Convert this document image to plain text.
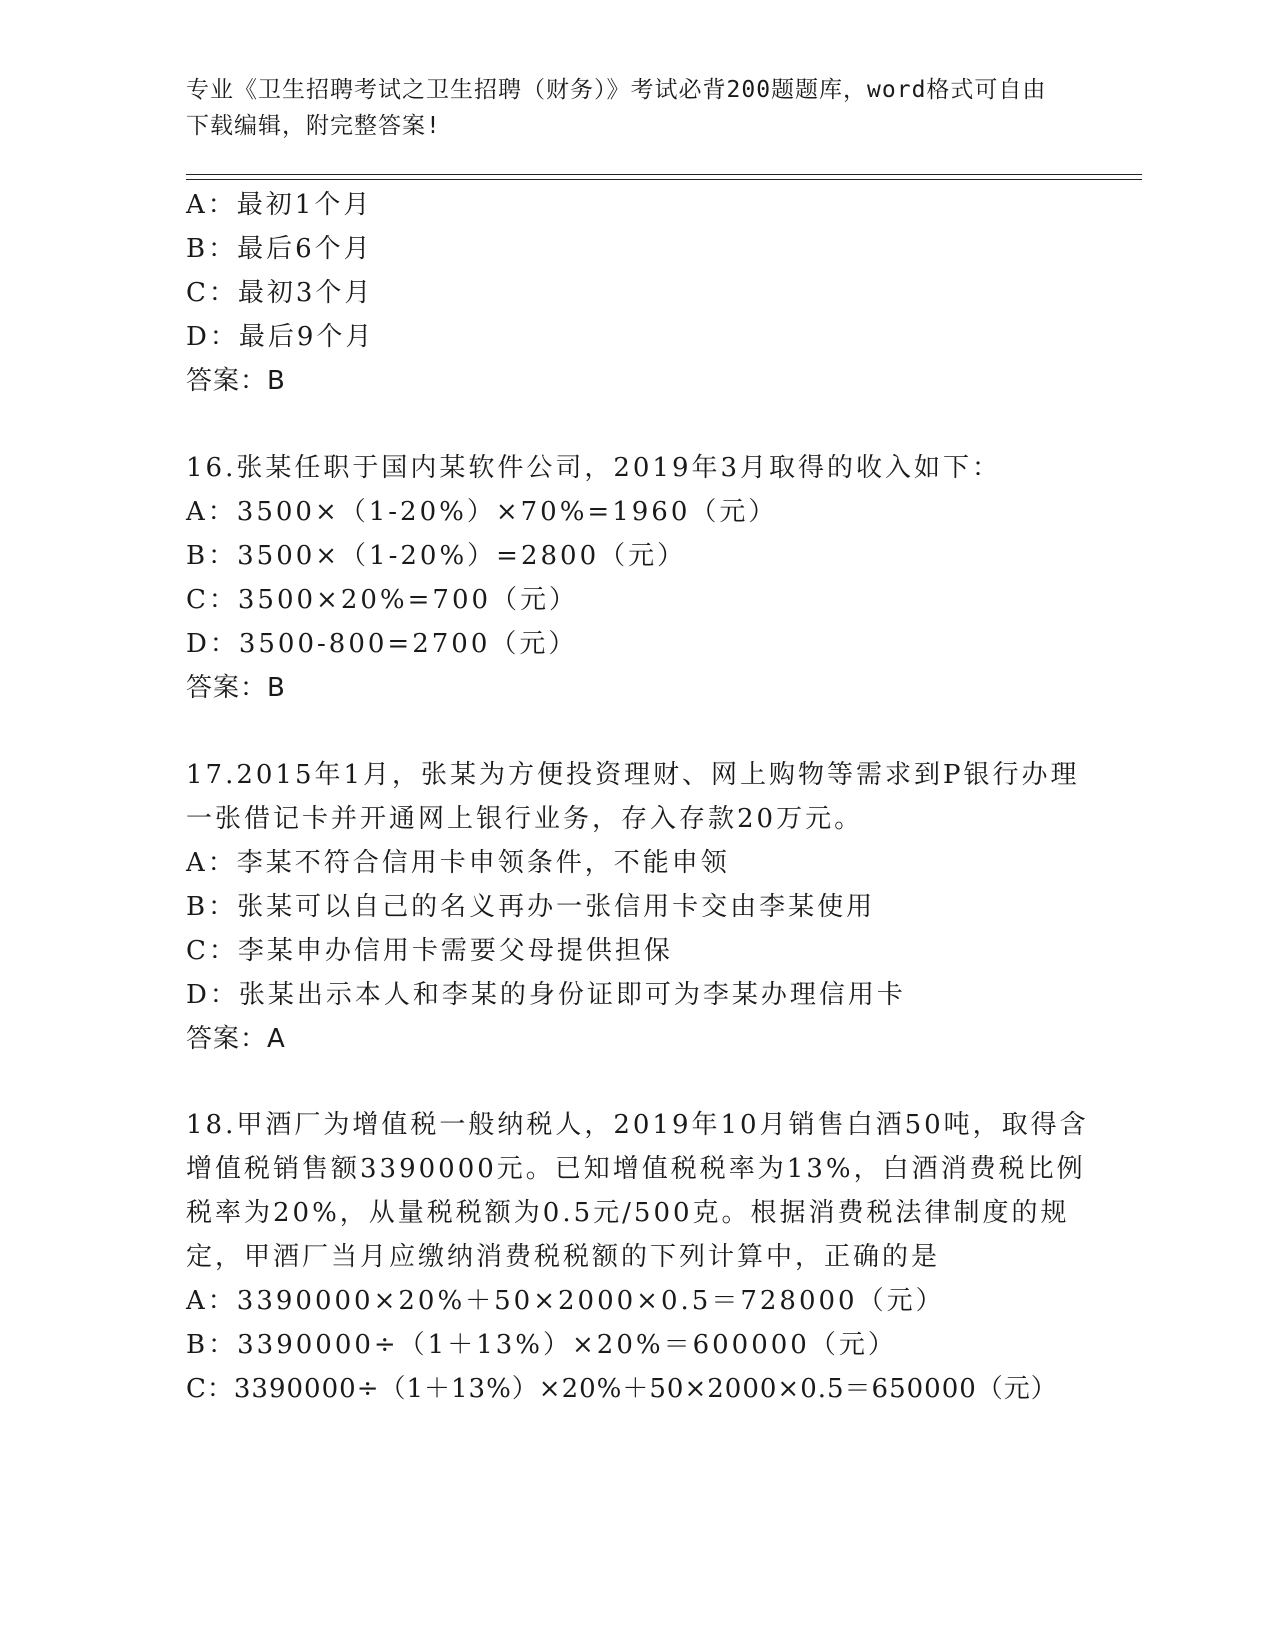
专业《卫生招聘考试之卫生招聘（财务）》考试必背200题题库，word格式可自由下载编辑，附完整答案!
A：最初1个月
B：最后6个月
C：最初3个月
D：最后9个月
答案：B
16.张某任职于国内某软件公司，2019年3月取得的收入如下：
A：3500×（1-20%）×70%=1960（元）
B：3500×（1-20%）=2800（元）
C：3500×20%=700（元）
D：3500-800=2700（元）
答案：B
17.2015年1月，张某为方便投资理财、网上购物等需求到P银行办理
一张借记卡并开通网上银行业务，存入存款20万元。
A：李某不符合信用卡申领条件，不能申领
B：张某可以自己的名义再办一张信用卡交由李某使用
C：李某申办信用卡需要父母提供担保
D：张某出示本人和李某的身份证即可为李某办理信用卡
答案：A
18.甲酒厂为增值税一般纳税人，2019年10月销售白酒50吨，取得含
增值税销售额3390000元。已知增值税税率为13%，白酒消费税比例
税率为20%，从量税税额为0.5元/500克。根据消费税法律制度的规
定，甲酒厂当月应缴纳消费税税额的下列计算中，正确的是
A：3390000×20%＋50×2000×0.5＝728000（元）
B：3390000÷（1＋13%）×20%＝600000（元）
C：3390000÷（1＋13%）×20%＋50×2000×0.5＝650000（元）
